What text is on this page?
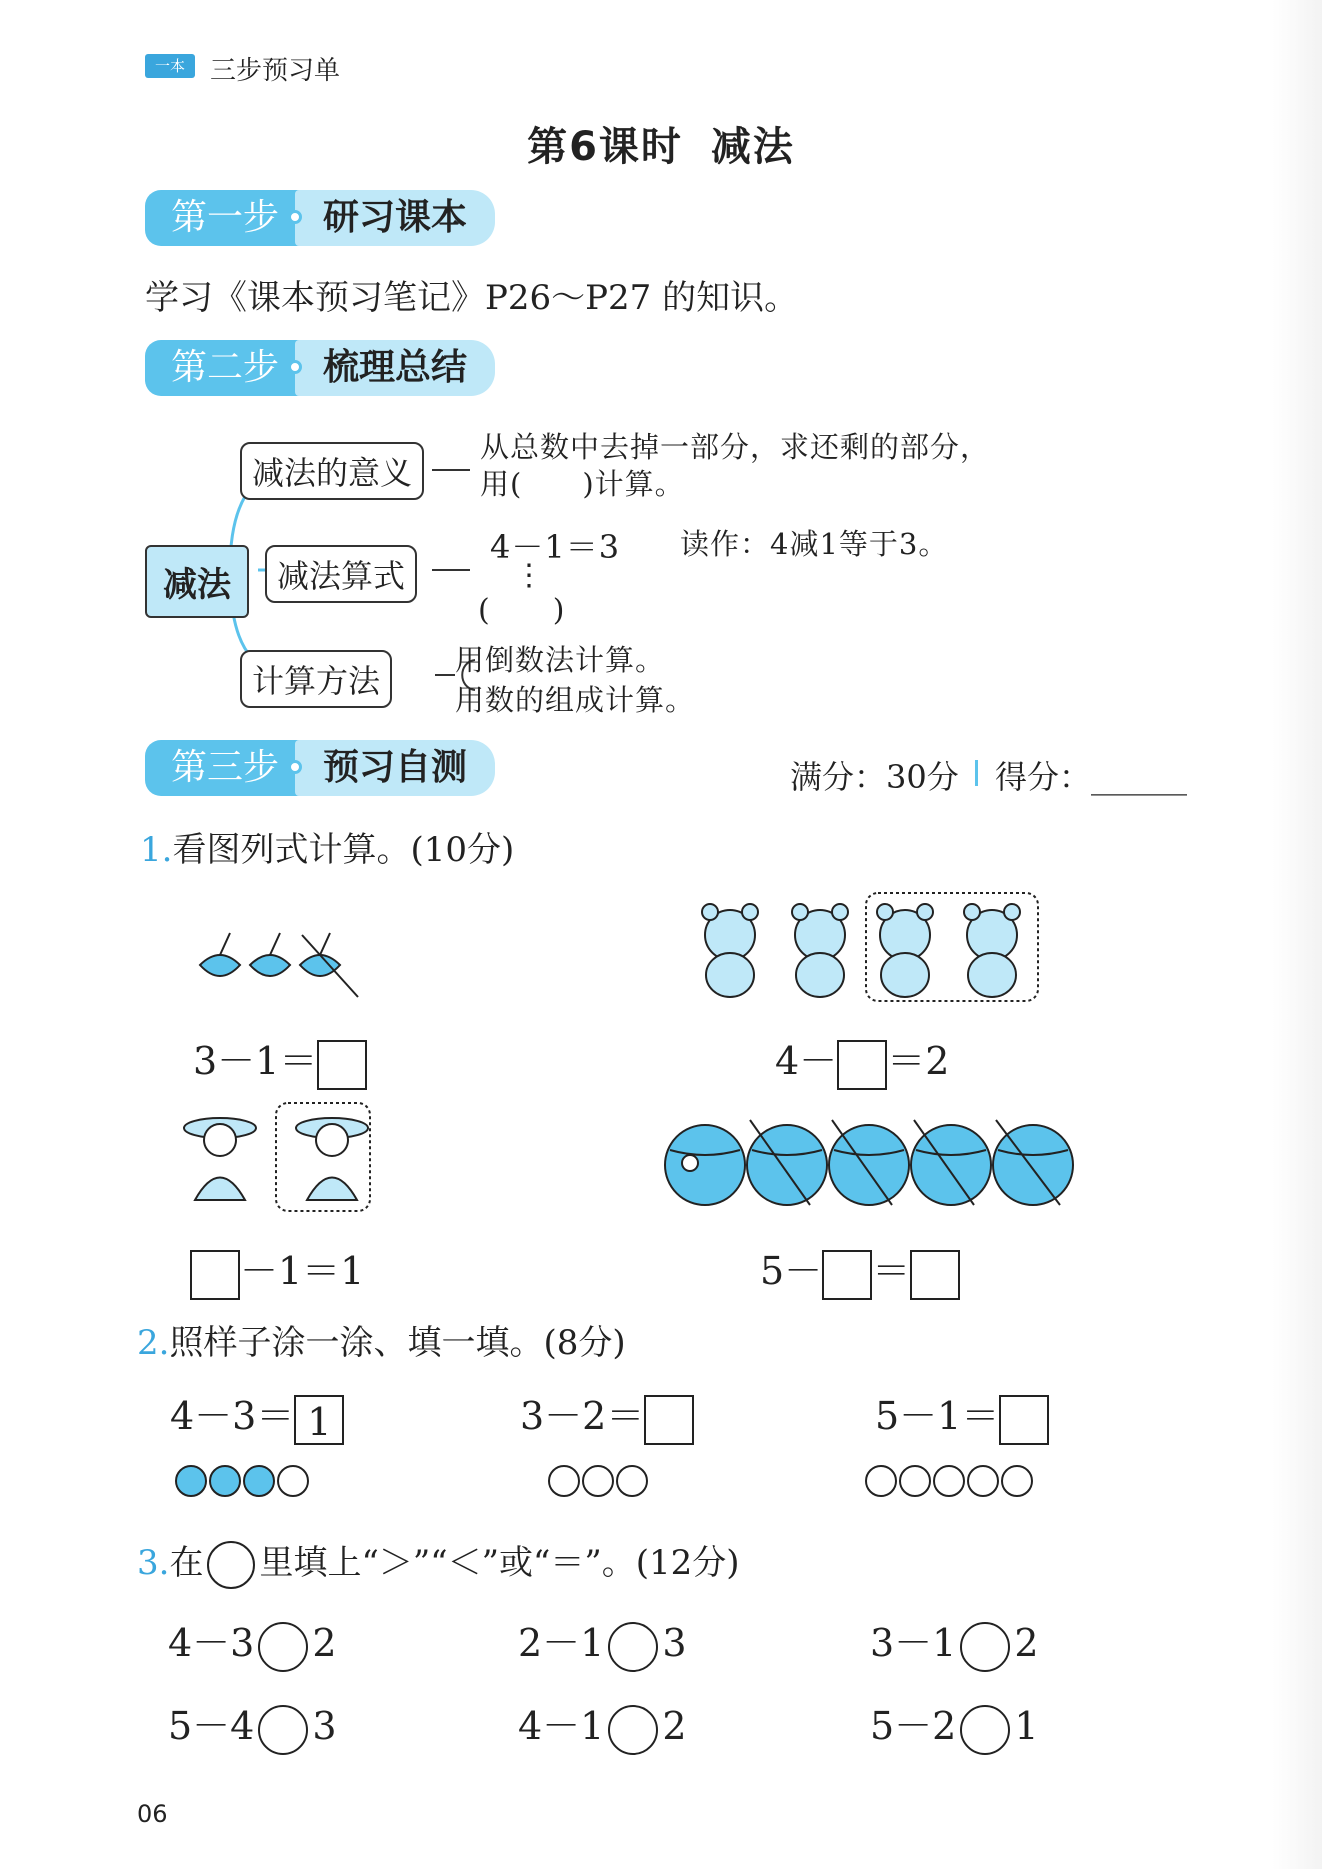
一本 三步预习单
第6课时 减法
第一步	研习课本
学习《课本预习笔记》P26～P27 的知识。
第二步	梳理总结
减法
减法的意义
减法算式
计算方法
从总数中去掉一部分，求还剩的部分，
用(　　)计算。
4－1＝3 读作：4减1等于3。
⋮
(　　)
用倒数法计算。
用数的组成计算。
第三步	预习自测	满分：30分 得分：______
1.看图列式计算。(10分)
3－1＝	4－ ＝2
－1＝1	5－ ＝
2.照样子涂一涂、填一填。(8分)
4－3＝ 1	3－2＝	5－1＝
3.在 里填上“＞”“＜”或“＝”。(12分)
4－3 2	2－1 3	3－1 2
5－4 3	4－1 2	5－2 1
06
